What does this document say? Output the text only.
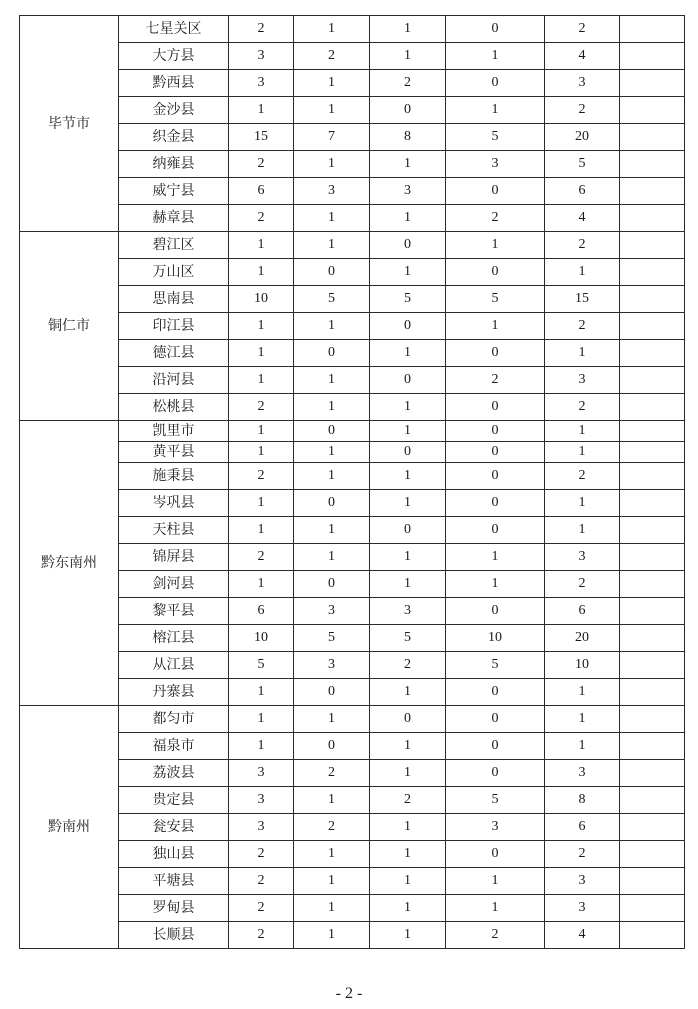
毕节市	七星关区	2	1	1	0	2	
	大方县	3	2	1	1	4	
	黔西县	3	1	2	0	3	
	金沙县	1	1	0	1	2	
	织金县	15	7	8	5	20	
	纳雍县	2	1	1	3	5	
	威宁县	6	3	3	0	6	
	赫章县	2	1	1	2	4	
铜仁市	碧江区	1	1	0	1	2	
	万山区	1	0	1	0	1	
	思南县	10	5	5	5	15	
	印江县	1	1	0	1	2	
	德江县	1	0	1	0	1	
	沿河县	1	1	0	2	3	
	松桃县	2	1	1	0	2	
黔东南州	凯里市	1	0	1	0	1	
	黄平县	1	1	0	0	1	
	施秉县	2	1	1	0	2	
	岑巩县	1	0	1	0	1	
	天柱县	1	1	0	0	1	
	锦屏县	2	1	1	1	3	
	剑河县	1	0	1	1	2	
	黎平县	6	3	3	0	6	
	榕江县	10	5	5	10	20	
	从江县	5	3	2	5	10	
	丹寨县	1	0	1	0	1	
黔南州	都匀市	1	1	0	0	1	
	福泉市	1	0	1	0	1	
	荔波县	3	2	1	0	3	
	贵定县	3	1	2	5	8	
	瓮安县	3	2	1	3	6	
	独山县	2	1	1	0	2	
	平塘县	2	1	1	1	3	
	罗甸县	2	1	1	1	3	
	长顺县	2	1	1	2	4	
- 2 -
